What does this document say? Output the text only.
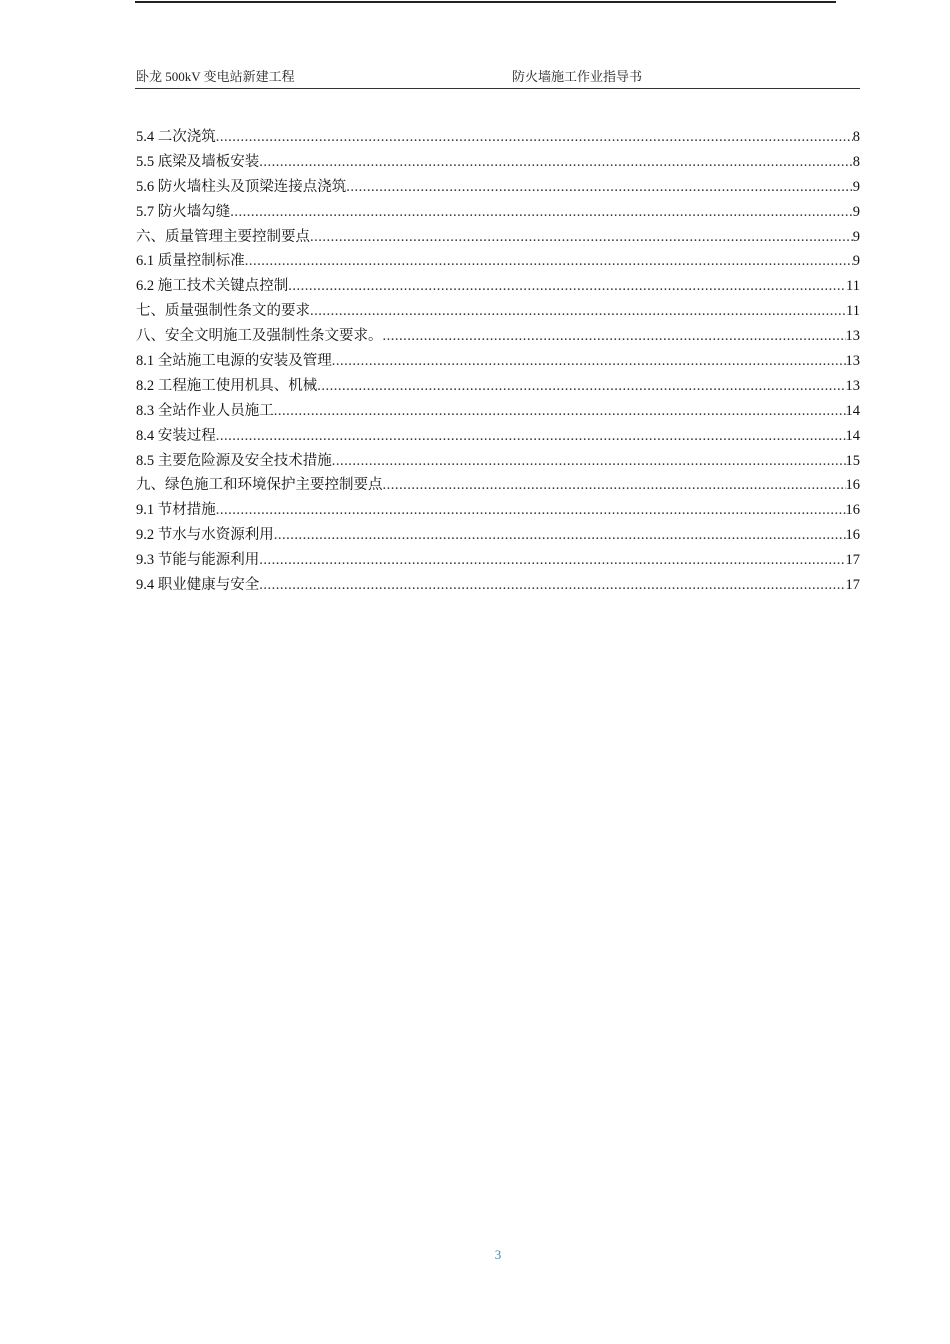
卧龙 500kV 变电站新建工程	防火墙施工作业指导书
5.4 二次浇筑 .....	8
5.5 底梁及墙板安装 .....	8
5.6 防火墙柱头及顶梁连接点浇筑 .....	9
5.7 防火墙勾缝 .....	9
六、质量管理主要控制要点 .....	9
6.1 质量控制标准 .....	9
6.2 施工技术关键点控制 .....	11
七、质量强制性条文的要求 .....	11
八、安全文明施工及强制性条文要求。 .....	13
8.1 全站施工电源的安装及管理 .....	13
8.2 工程施工使用机具、机械 .....	13
8.3 全站作业人员施工 .....	14
8.4 安装过程 .....	14
8.5 主要危险源及安全技术措施 .....	15
九、绿色施工和环境保护主要控制要点 .....	16
9.1 节材措施 .....	16
9.2 节水与水资源利用 .....	16
9.3 节能与能源利用 .....	17
9.4 职业健康与安全 .....	17
3
